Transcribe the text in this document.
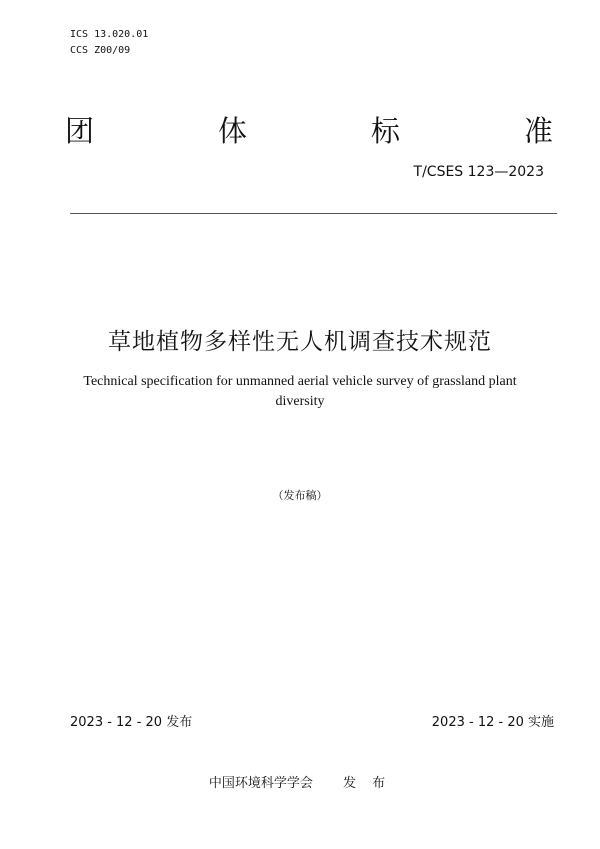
ICS 13.020.01
CCS Z00/09
团	体	标	准
T/CSES 123—2023
草地植物多样性无人机调查技术规范
Technical specification for unmanned aerial vehicle survey of grassland plant diversity
（发布稿）
2023 - 12 - 20 发布	2023 - 12 - 20 实施
中国环境科学学会 发 布
